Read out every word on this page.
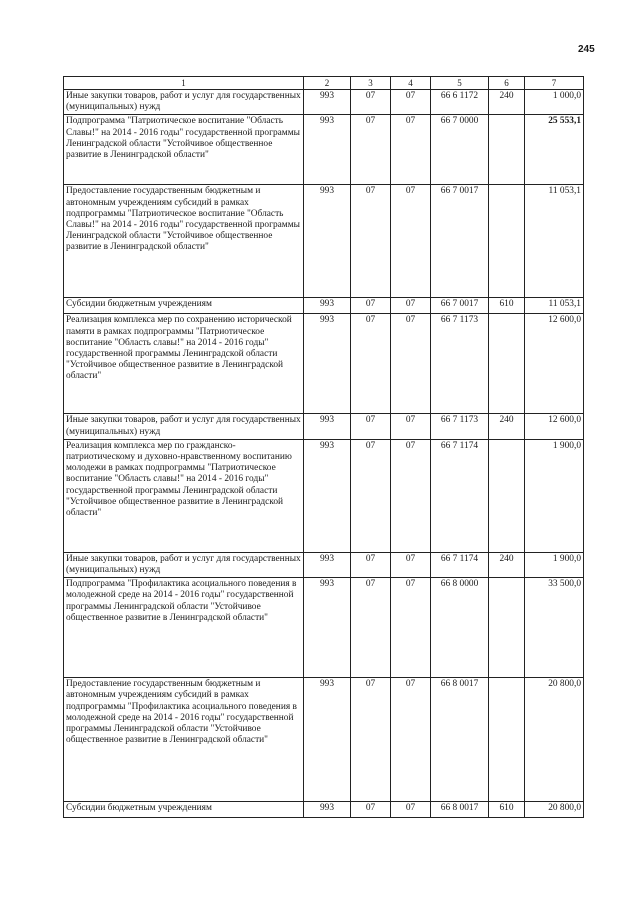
245
1	2	3	4	5	6	7
Иные закупки товаров, работ и услуг для государственных (муниципальных) нужд	993	07	07	66 6 1172	240	1 000,0
Подпрограмма "Патриотическое воспитание "Область Славы!" на 2014 - 2016 годы" государственной программы Ленинградской области "Устойчивое общественное развитие в Ленинградской области"	993	07	07	66 7 0000		25 553,1
Предоставление государственным бюджетным и автономным учреждениям субсидий в рамках подпрограммы "Патриотическое воспитание "Область Славы!" на 2014 - 2016 годы" государственной программы Ленинградской области "Устойчивое общественное развитие в Ленинградской области"	993	07	07	66 7 0017		11 053,1
Субсидии бюджетным учреждениям	993	07	07	66 7 0017	610	11 053,1
Реализация комплекса мер по сохранению исторической памяти в рамках подпрограммы "Патриотическое воспитание "Область славы!" на 2014 - 2016 годы" государственной программы Ленинградской области "Устойчивое общественное развитие в Ленинградской области"	993	07	07	66 7 1173		12 600,0
Иные закупки товаров, работ и услуг для государственных (муниципальных) нужд	993	07	07	66 7 1173	240	12 600,0
Реализация комплекса мер по гражданско-патриотическому и духовно-нравственному воспитанию молодежи в рамках подпрограммы "Патриотическое воспитание "Область славы!" на 2014 - 2016 годы" государственной программы Ленинградской области "Устойчивое общественное развитие в Ленинградской области"	993	07	07	66 7 1174		1 900,0
Иные закупки товаров, работ и услуг для государственных (муниципальных) нужд	993	07	07	66 7 1174	240	1 900,0
Подпрограмма "Профилактика асоциального поведения в молодежной среде на 2014 - 2016 годы" государственной программы Ленинградской области "Устойчивое общественное развитие в Ленинградской области"	993	07	07	66 8 0000		33 500,0
Предоставление государственным бюджетным и автономным учреждениям субсидий в рамках подпрограммы "Профилактика асоциального поведения в молодежной среде на 2014 - 2016 годы" государственной программы Ленинградской области "Устойчивое общественное развитие в Ленинградской области"	993	07	07	66 8 0017		20 800,0
Субсидии бюджетным учреждениям	993	07	07	66 8 0017	610	20 800,0
